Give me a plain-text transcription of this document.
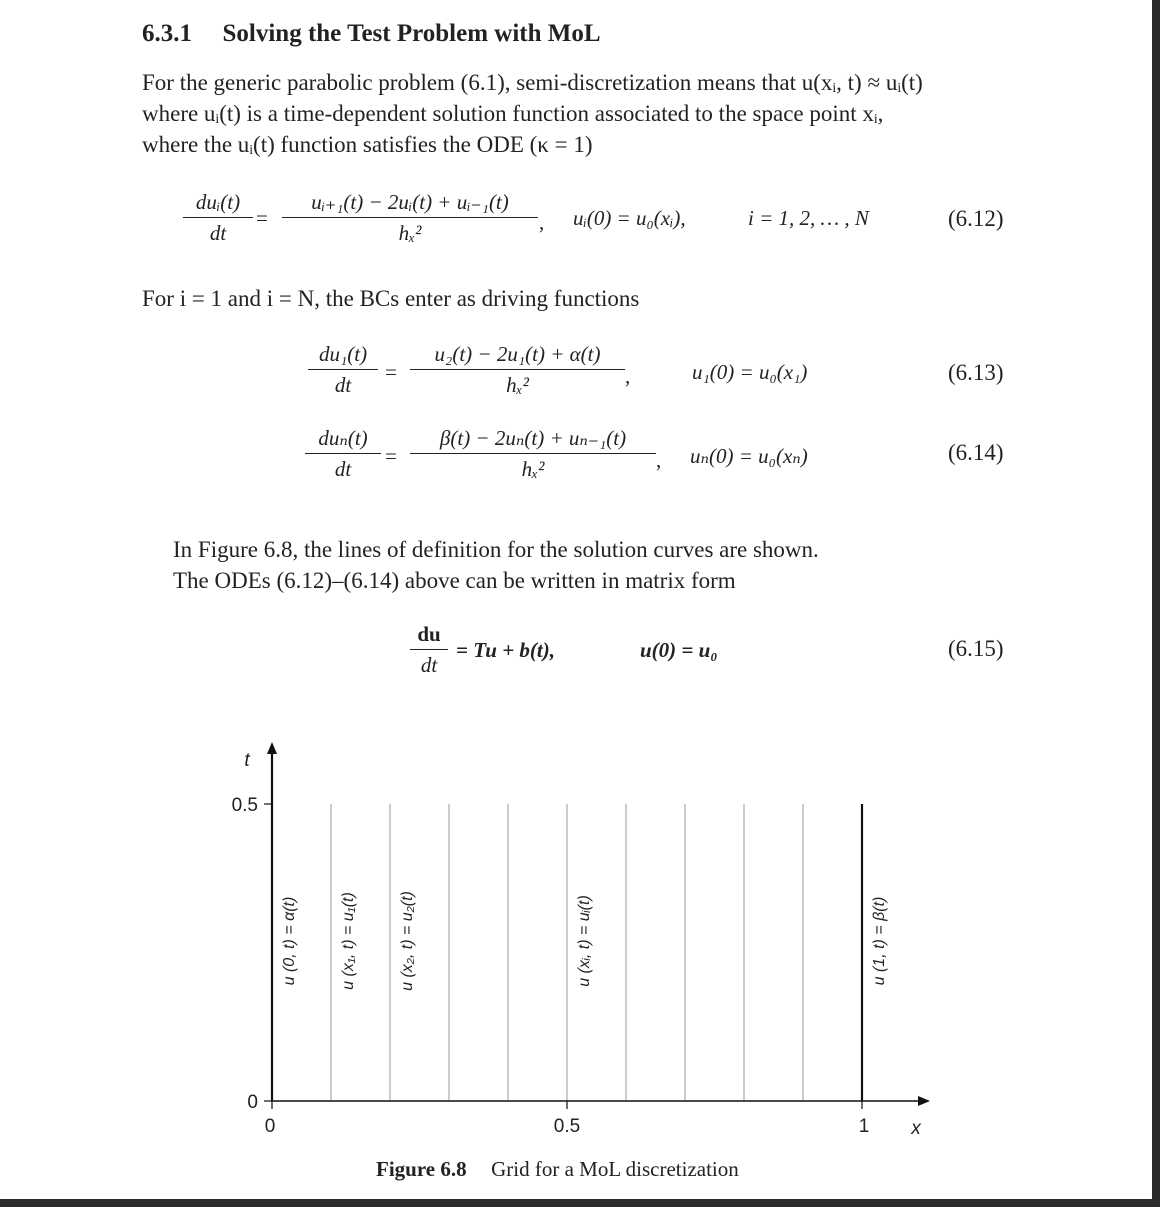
6.3.1 Solving the Test Problem with MoL
For the generic parabolic problem (6.1), semi-discretization means that u(xᵢ, t) ≈ uᵢ(t)
where uᵢ(t) is a time-dependent solution function associated to the space point xᵢ,
where the uᵢ(t) function satisfies the ODE (κ = 1)
duᵢ(t)
dt
=
uᵢ₊₁(t) − 2uᵢ(t) + uᵢ₋₁(t)
hₓ²	, uᵢ(0) = u₀(xᵢ),	i = 1, 2, … , N	(6.12)
For i = 1 and i = N, the BCs enter as driving functions
du₁(t)
dt
=
u₂(t) − 2u₁(t) + α(t)
hₓ²	,	u₁(0) = u₀(x₁)	(6.13)
duₙ(t)
dt
=
β(t) − 2uₙ(t) + uₙ₋₁(t)
hₓ²	, uₙ(0) = u₀(xₙ)	(6.14)
In Figure 6.8, the lines of definition for the solution curves are shown.
The ODEs (6.12)–(6.14) above can be written in matrix form
du
dt
= Tu + b(t),	u(0) = u₀	(6.15)
0
0.5
0	0.5	1
t
x
u (0, t) = α(t)	u (x₁, t) = u₁(t)	u (x₂, t) = u₂(t)	u (xᵢ, t) = uᵢ(t)	u (1, t) = β(t)
Figure 6.8 Grid for a MoL discretization
